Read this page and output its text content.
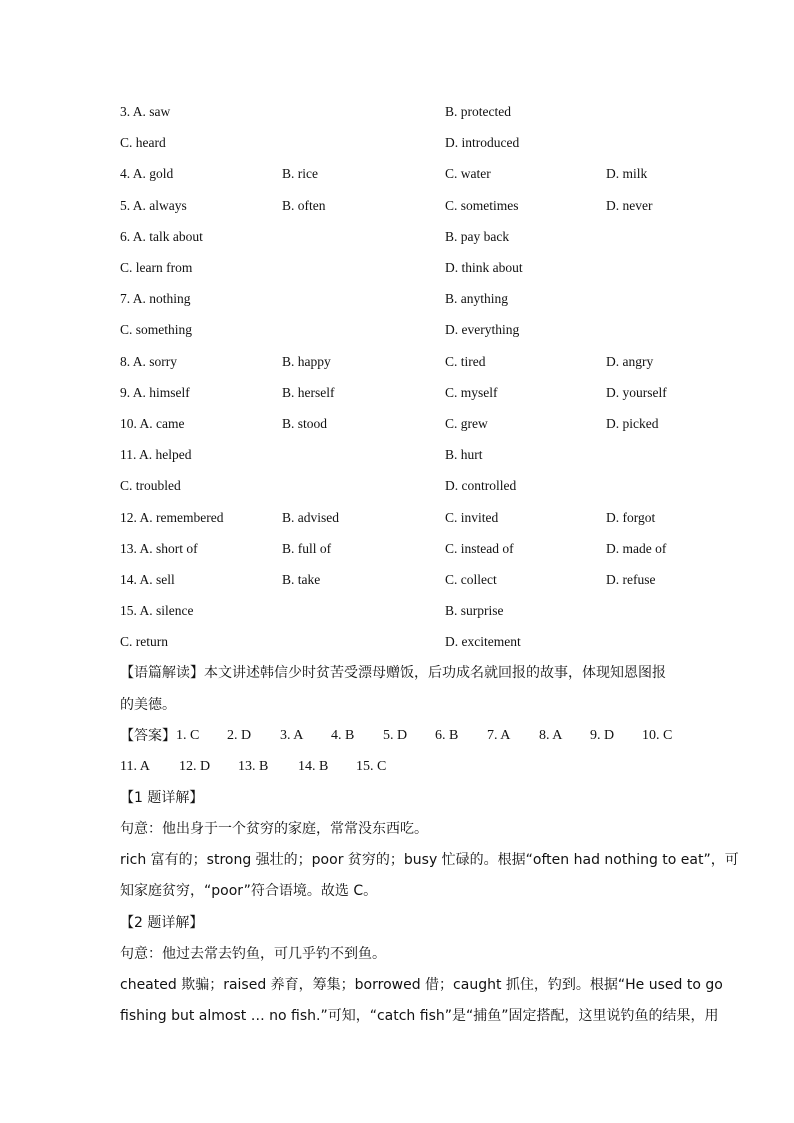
3. A. saw	B. protected
C. heard	D. introduced
4. A. gold	B. rice	C. water	D. milk
5. A. always	B. often	C. sometimes	D. never
6. A. talk about	B. pay back
C. learn from	D. think about
7. A. nothing	B. anything
C. something	D. everything
8. A. sorry	B. happy	C. tired	D. angry
9. A. himself	B. herself	C. myself	D. yourself
10. A. came	B. stood	C. grew	D. picked
11. A. helped	B. hurt
C. troubled	D. controlled
12. A. remembered	B. advised	C. invited	D. forgot
13. A. short of	B. full of	C. instead of	D. made of
14. A. sell	B. take	C. collect	D. refuse
15. A. silence	B. surprise
C. return	D. excitement
【语篇解读】本文讲述韩信少时贫苦受漂母赠饭，后功成名就回报的故事，体现知恩图报
的美德。
【答案】 1. C 2. D 3. A 4. B 5. D 6. B 7. A 8. A 9. D 10. C
11. A 12. D 13. B 14. B 15. C
【1 题详解】
句意：他出身于一个贫穷的家庭，常常没东西吃。
rich 富有的；strong 强壮的；poor 贫穷的；busy 忙碌的。根据“often had nothing to eat”，可
知家庭贫穷，“poor”符合语境。故选 C。
【2 题详解】
句意：他过去常去钓鱼，可几乎钓不到鱼。
cheated 欺骗；raised 养育，筹集；borrowed 借；caught 抓住，钓到。根据“He used to go
fishing but almost … no fish.”可知，“catch fish”是“捕鱼”固定搭配，这里说钓鱼的结果，用
